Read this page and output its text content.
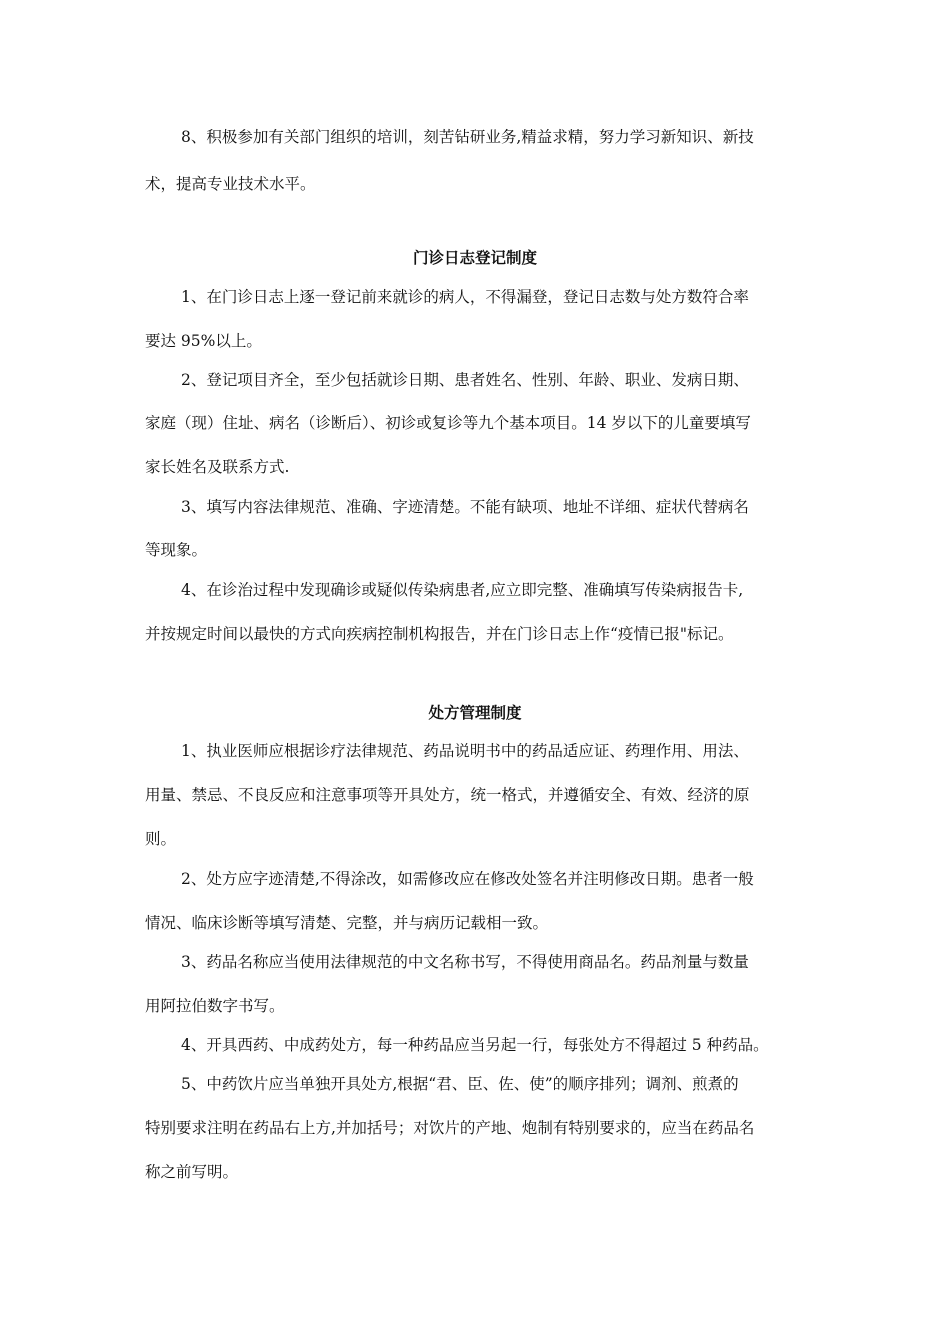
8、积极参加有关部门组织的培训，刻苦钻研业务,精益求精，努力学习新知识、新技
术，提高专业技术水平。
门诊日志登记制度
1、在门诊日志上逐一登记前来就诊的病人，不得漏登，登记日志数与处方数符合率
要达 95%以上。
2、登记项目齐全，至少包括就诊日期、患者姓名、性别、年龄、职业、发病日期、
家庭（现）住址、病名（诊断后）、初诊或复诊等九个基本项目。14 岁以下的儿童要填写
家长姓名及联系方式.
3、填写内容法律规范、准确、字迹清楚。不能有缺项、地址不详细、症状代替病名
等现象。
4、在诊治过程中发现确诊或疑似传染病患者,应立即完整、准确填写传染病报告卡,
并按规定时间以最快的方式向疾病控制机构报告，并在门诊日志上作“疫情已报"标记。
处方管理制度
1、执业医师应根据诊疗法律规范、药品说明书中的药品适应证、药理作用、用法、
用量、禁忌、不良反应和注意事项等开具处方，统一格式，并遵循安全、有效、经济的原
则。
2、处方应字迹清楚,不得涂改，如需修改应在修改处签名并注明修改日期。患者一般
情况、临床诊断等填写清楚、完整，并与病历记载相一致。
3、药品名称应当使用法律规范的中文名称书写，不得使用商品名。药品剂量与数量
用阿拉伯数字书写。
4、开具西药、中成药处方，每一种药品应当另起一行，每张处方不得超过 5 种药品。
5、中药饮片应当单独开具处方,根据“君、臣、佐、使”的顺序排列；调剂、煎煮的
特别要求注明在药品右上方,并加括号；对饮片的产地、炮制有特别要求的，应当在药品名
称之前写明。
